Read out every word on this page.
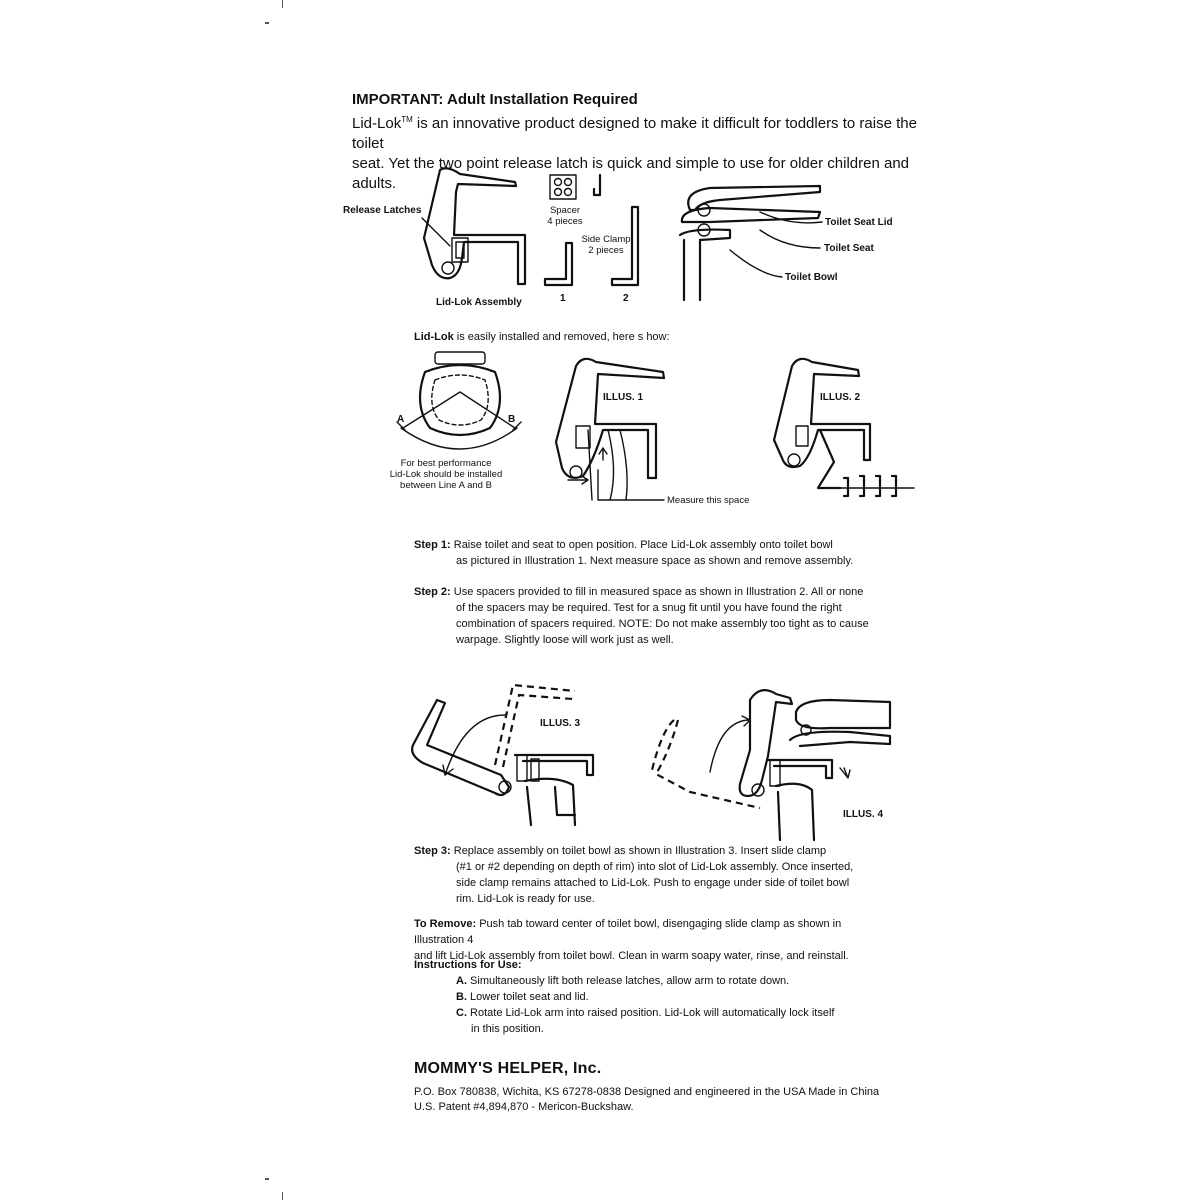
IMPORTANT: Adult Installation Required
Lid-Lok™ is an innovative product designed to make it difficult for toddlers to raise the toilet
seat. Yet the two point release latch is quick and simple to use for older children and adults.
Release Latches
Lid-Lok Assembly
Spacer
4 pieces
Side Clamp
2 pieces
1	2
Toilet Seat Lid
Toilet Seat
Toilet Bowl
Lid-Lok is easily installed and removed, here s how:
A	B
For best performance
Lid-Lok should be installed
between Line A and B
ILLUS. 1
Measure this space
ILLUS. 2
Step 1: Raise toilet and seat to open position. Place Lid-Lok assembly onto toilet bowl
as pictured in Illustration 1. Next measure space as shown and remove assembly.
Step 2: Use spacers provided to fill in measured space as shown in Illustration 2. All or none
of the spacers may be required. Test for a snug fit until you have found the right
combination of spacers required. NOTE: Do not make assembly too tight as to cause
warpage. Slightly loose will work just as well.
ILLUS. 3
ILLUS. 4
Step 3: Replace assembly on toilet bowl as shown in Illustration 3. Insert slide clamp
(#1 or #2 depending on depth of rim) into slot of Lid-Lok assembly. Once inserted,
side clamp remains attached to Lid-Lok. Push to engage under side of toilet bowl
rim. Lid-Lok is ready for use.
To Remove: Push tab toward center of toilet bowl, disengaging slide clamp as shown in Illustration 4
and lift Lid-Lok assembly from toilet bowl. Clean in warm soapy water, rinse, and reinstall.
Instructions for Use:
A. Simultaneously lift both release latches, allow arm to rotate down.
B. Lower toilet seat and lid.
C. Rotate Lid-Lok arm into raised position. Lid-Lok will automatically lock itself
in this position.
MOMMY'S HELPER, Inc.
P.O. Box 780838, Wichita, KS 67278-0838 Designed and engineered in the USA Made in China
U.S. Patent #4,894,870 - Mericon-Buckshaw.
